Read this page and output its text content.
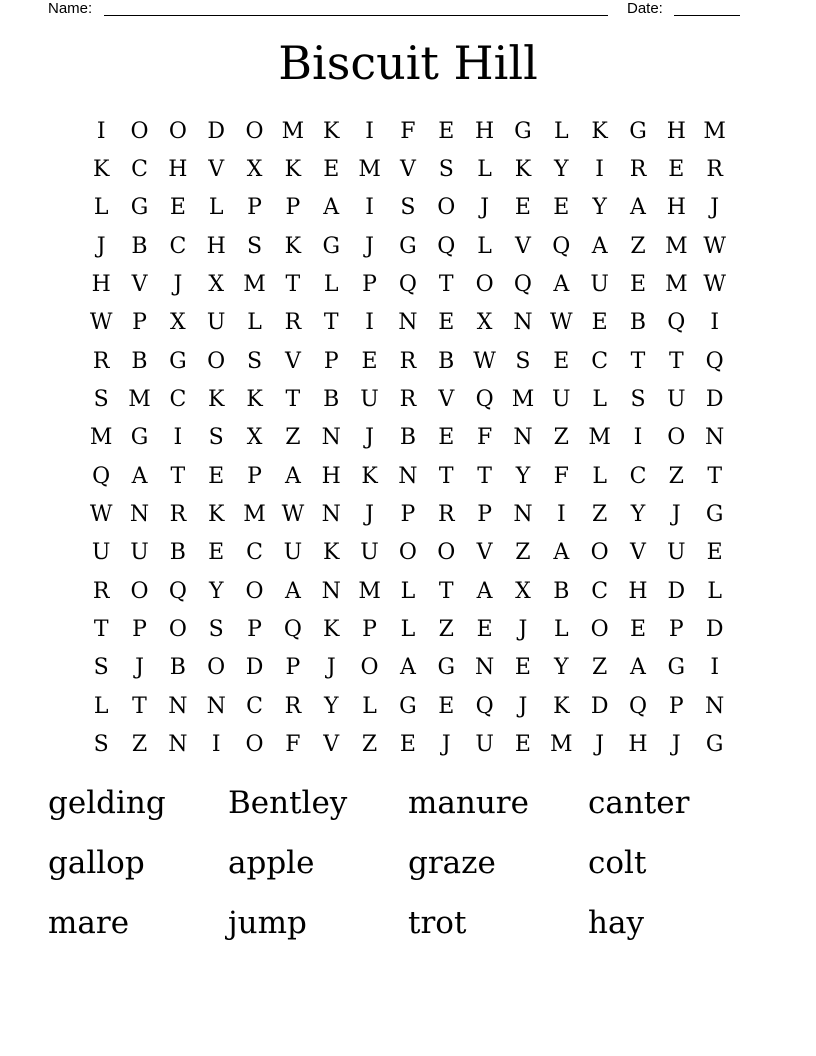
Name:	Date:
Biscuit Hill
I	O O D O M K	I	F	E H G	L	K G H M
K C H V	X	K	E M V	S	L	K	Y	I	R	E	R
L	G E	L	P	P	A	I	S O	J	E	E	Y	A H	J
J	B C H S	K G	J	G Q	L	V Q A	Z M W
H V	J	X M T	L	P Q T O Q A U E M W
W P	X U L	R	T	I	N E	X N W E	B Q	I
R B G O S	V	P	E	R B W S	E C	T	T Q
S M C K K	T	B U R	V Q M U L	S U D
M G	I	S	X	Z N	J	B	E	F N Z M	I	O N
Q A	T	E	P	A H K N T	T	Y	F	L	C	Z	T
W N R K M W N	J	P	R	P N	I	Z	Y	J	G
U U B	E C U K U O O V	Z	A O V U E
R O Q	Y	O A N M L	T	A	X	B C H D	L
T	P O S	P Q K	P	L	Z	E	J	L	O E	P	D
S	J	B O D	P	J	O A G N E	Y	Z	A G	I
L	T N N C R	Y	L	G E Q	J	K D Q P N
S	Z N	I	O F	V	Z	E	J	U E M	J	H	J	G
gelding	Bentley	manure	canter
gallop	apple	graze	colt
mare	jump	trot	hay
